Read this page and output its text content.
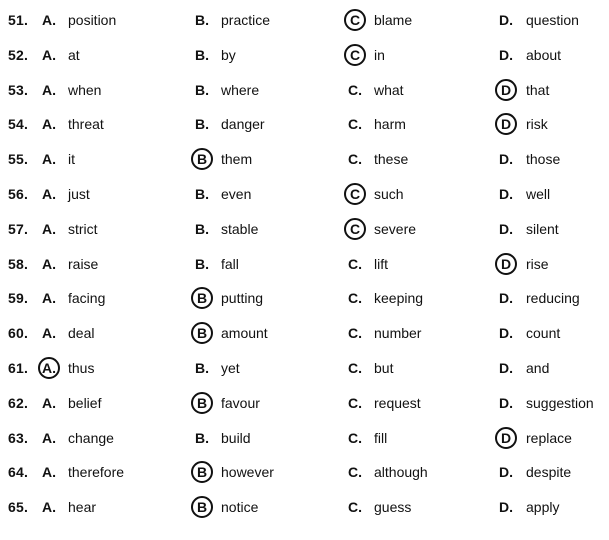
51. A. position	B. practice	C blame	D. question
52. A. at	B. by	C in	D. about
53. A. when	B. where	C. what	D	that
54. A. threat	B. danger	C. harm	D	risk
55. A. it	B them	C. these	D. those
56. A. just	B. even	C such	D. well
57. A. strict	B. stable	C severe	D. silent
58. A. raise	B. fall	C. lift	D	rise
59. A. facing	B putting	C. keeping	D. reducing
60. A. deal	B amount	C. number	D. count
61. A. thus	B. yet	C. but	D. and
62. A. belief	B favour	C. request	D. suggestion
63. A. change	B. build	C. fill	D	replace
64. A. therefore	B however	C. although	D. despite
65. A. hear	B notice	C. guess	D. apply
